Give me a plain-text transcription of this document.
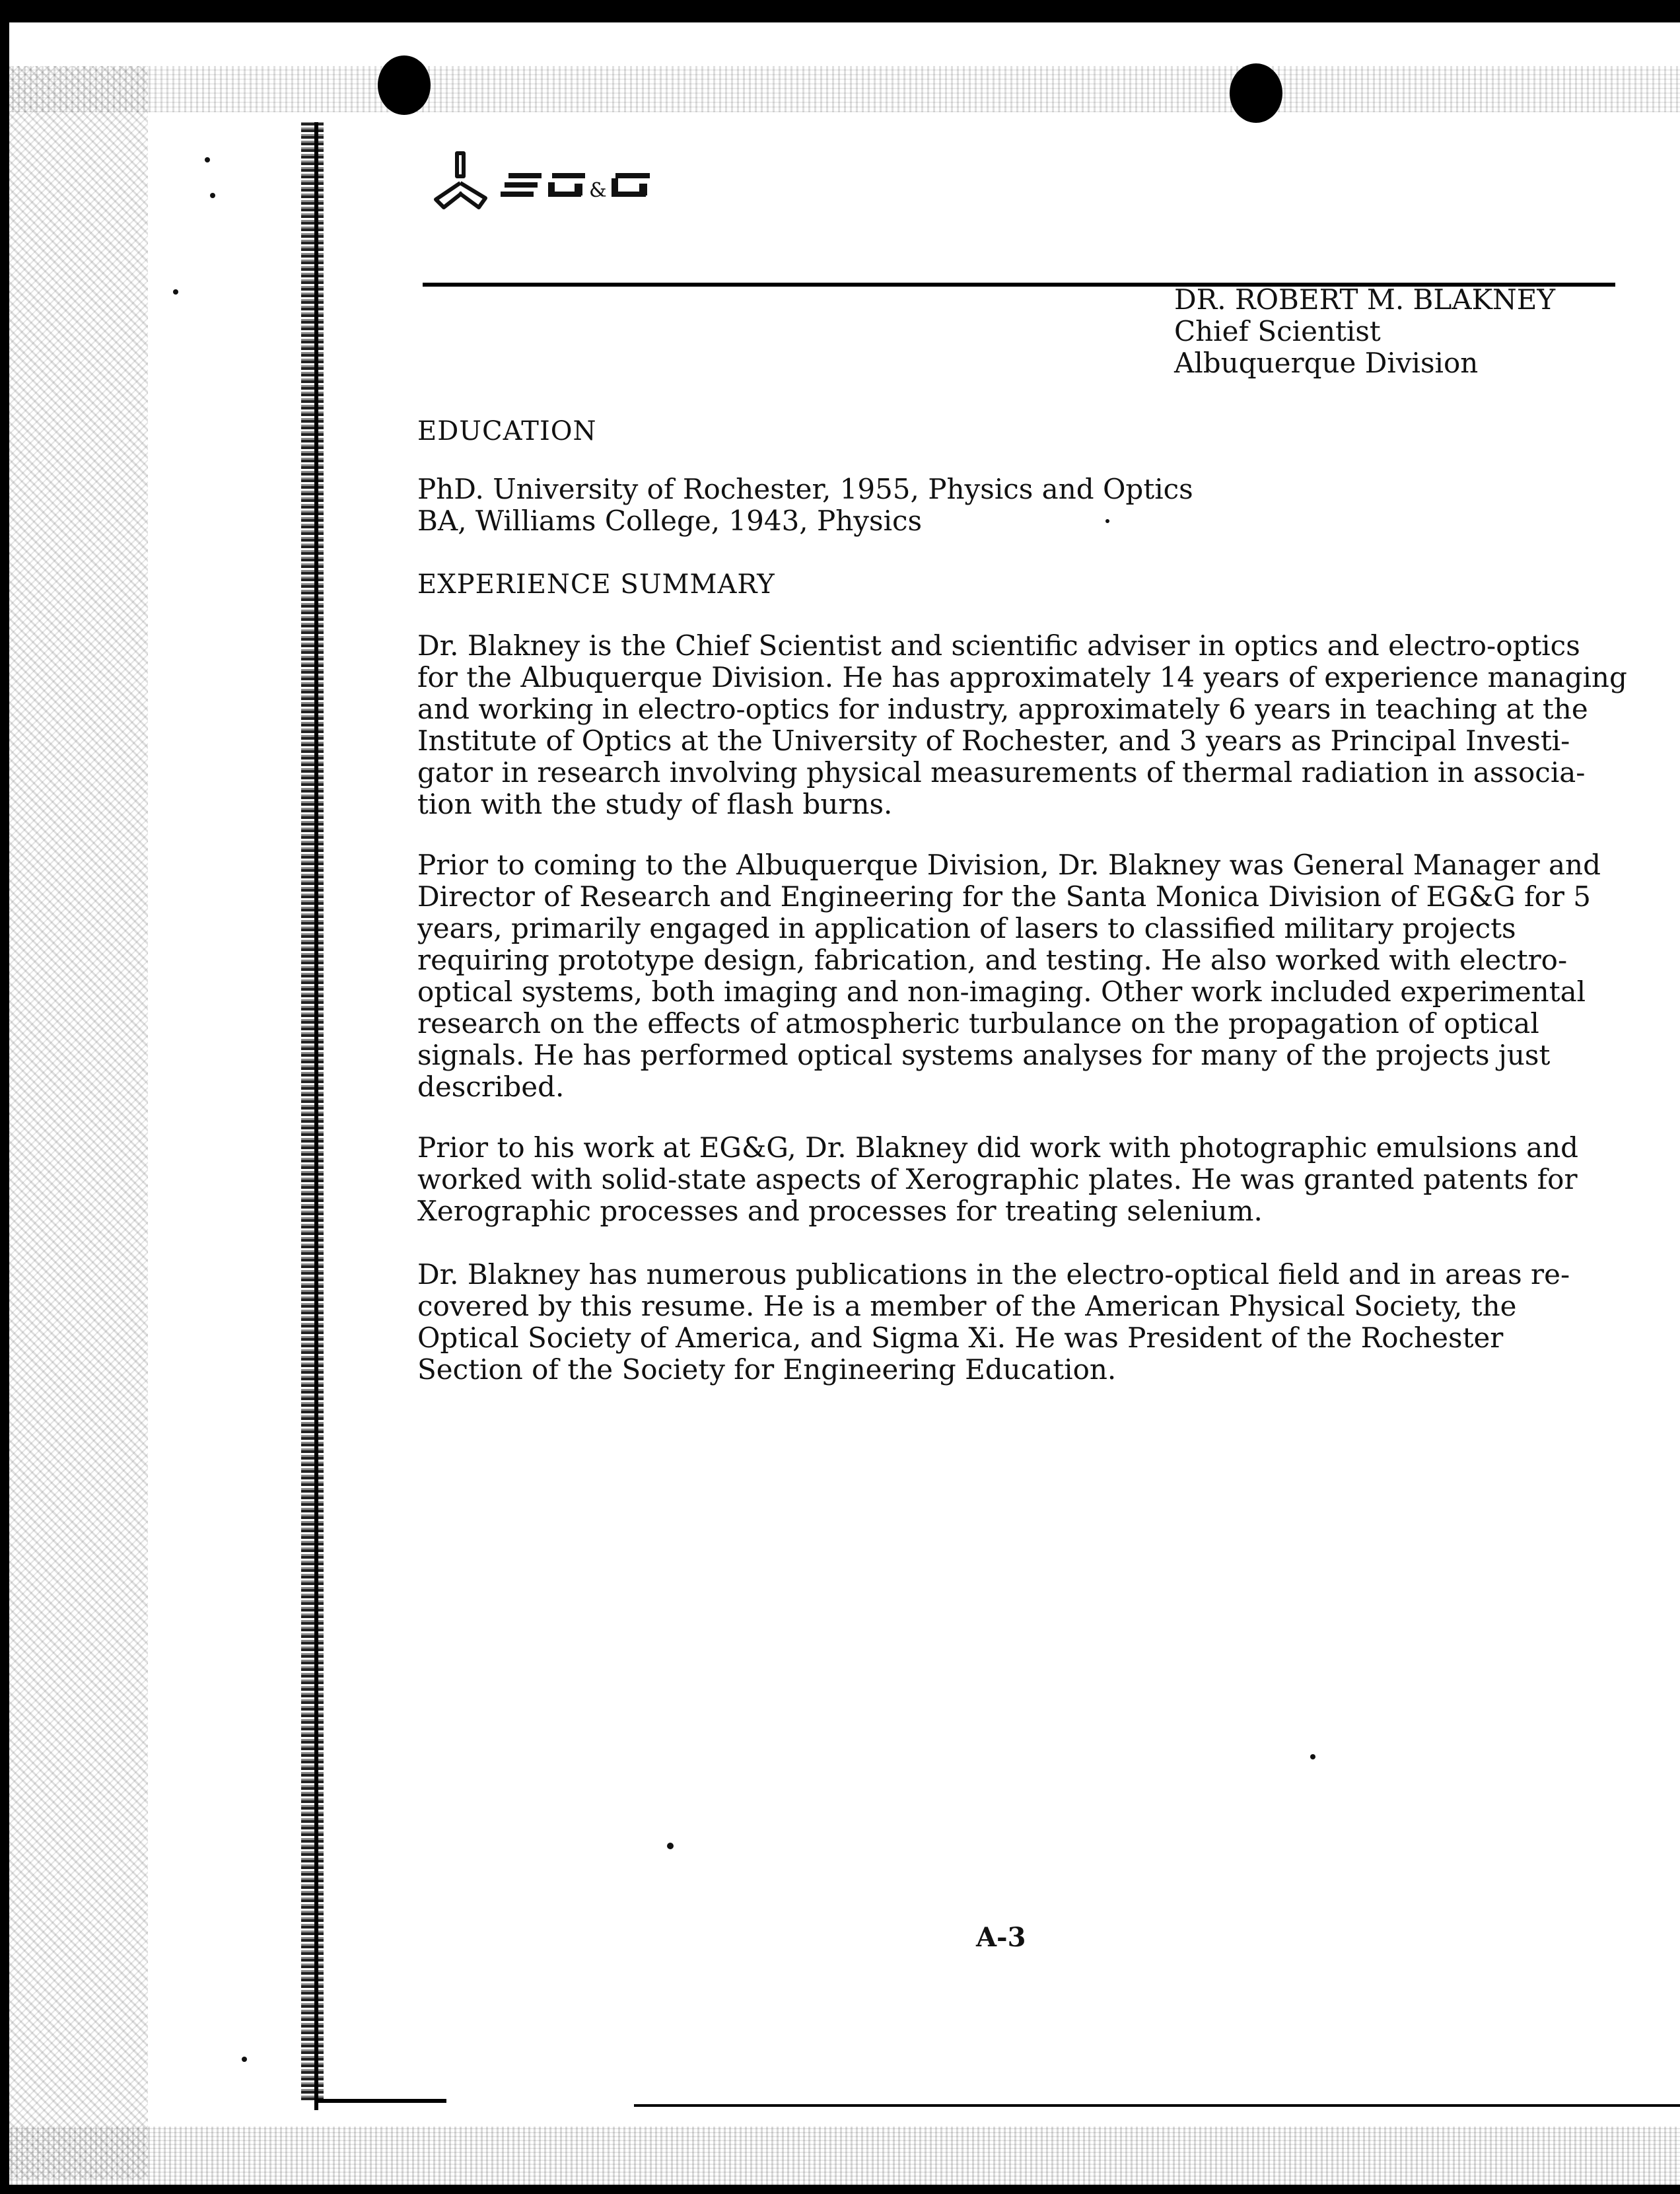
&
DR. ROBERT M. BLAKNEY
Chief Scientist
Albuquerque Division
EDUCATION
PhD. University of Rochester, 1955, Physics and Optics
BA, Williams College, 1943, Physics
EXPERIENCE SUMMARY
Dr. Blakney is the Chief Scientist and scientific adviser in optics and electro-optics
for the Albuquerque Division. He has approximately 14 years of experience managing
and working in electro-optics for industry, approximately 6 years in teaching at the
Institute of Optics at the University of Rochester, and 3 years as Principal Investi-
gator in research involving physical measurements of thermal radiation in associa-
tion with the study of flash burns.
Prior to coming to the Albuquerque Division, Dr. Blakney was General Manager and
Director of Research and Engineering for the Santa Monica Division of EG&G for 5
years, primarily engaged in application of lasers to classified military projects
requiring prototype design, fabrication, and testing. He also worked with electro-
optical systems, both imaging and non-imaging. Other work included experimental
research on the effects of atmospheric turbulance on the propagation of optical
signals. He has performed optical systems analyses for many of the projects just
described.
Prior to his work at EG&G, Dr. Blakney did work with photographic emulsions and
worked with solid-state aspects of Xerographic plates. He was granted patents for
Xerographic processes and processes for treating selenium.
Dr. Blakney has numerous publications in the electro-optical field and in areas re-
covered by this resume. He is a member of the American Physical Society, the
Optical Society of America, and Sigma Xi. He was President of the Rochester
Section of the Society for Engineering Education.
A-3
